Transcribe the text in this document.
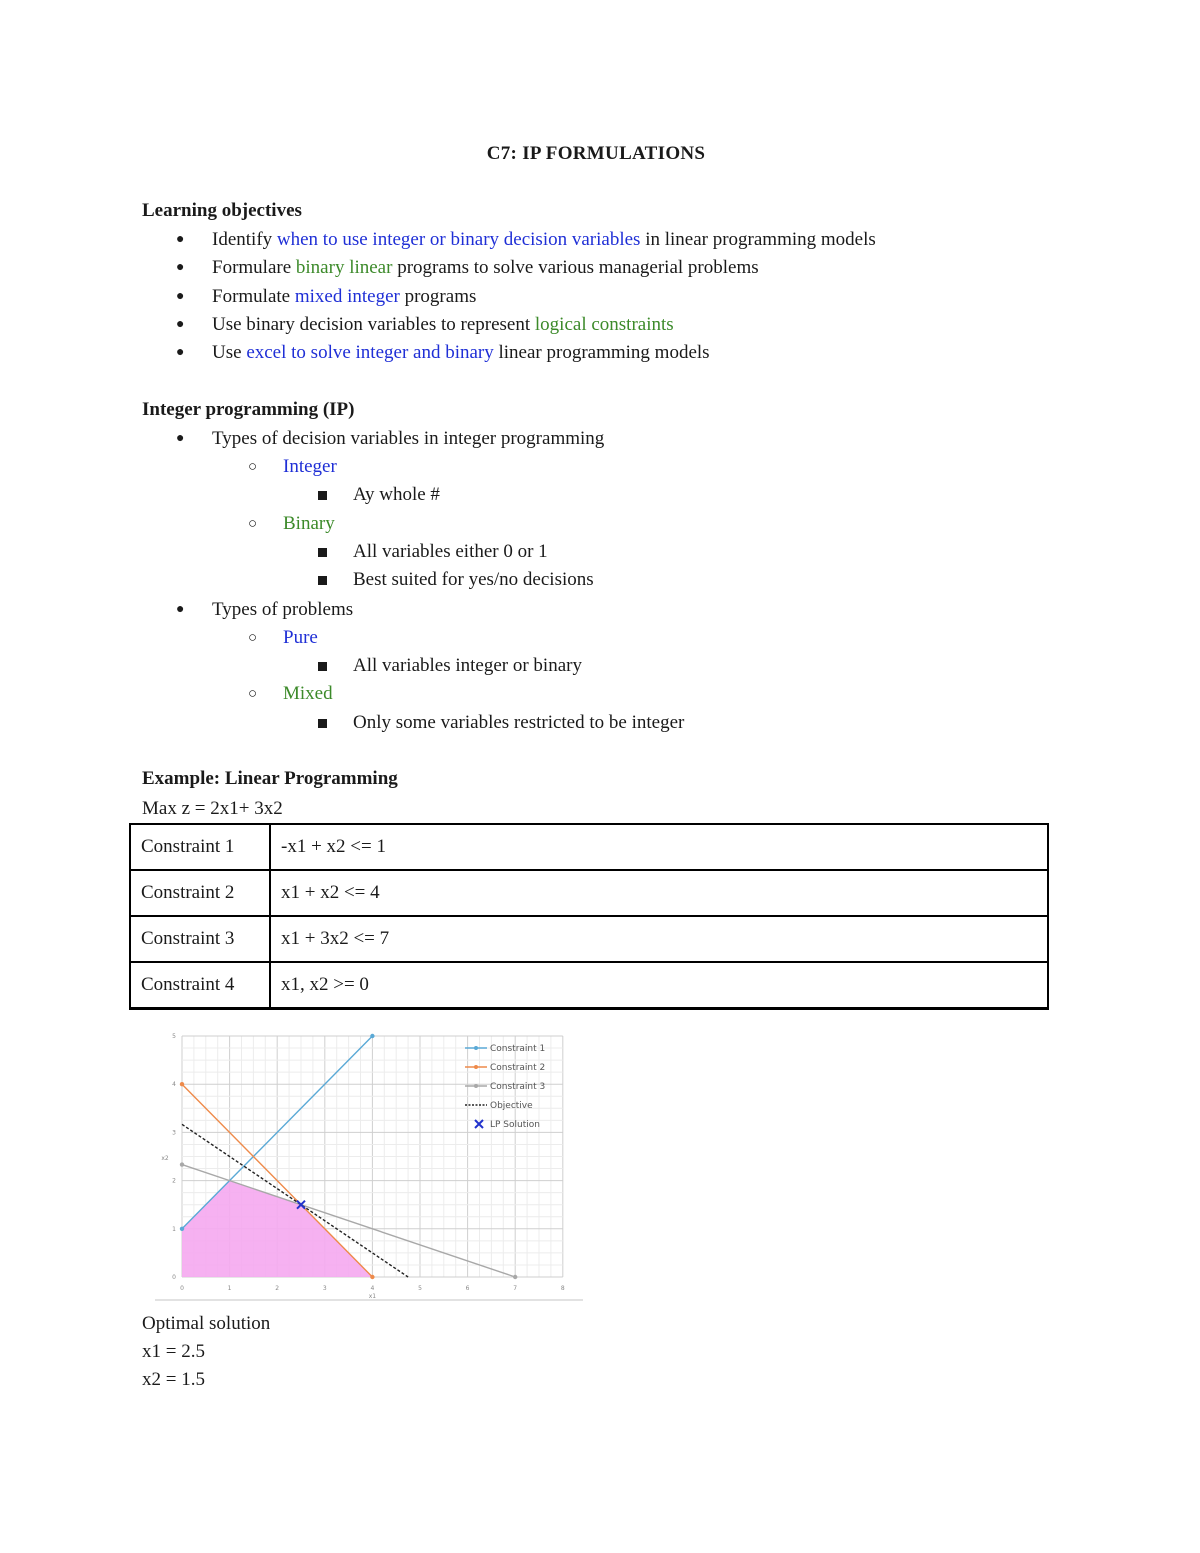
C7: IP FORMULATIONS
Learning objectives
● Identify when to use integer or binary decision variables in linear programming models
● Formulare binary linear programs to solve various managerial problems
● Formulate mixed integer programs
● Use binary decision variables to represent logical constraints
● Use excel to solve integer and binary linear programming models
Integer programming (IP)
● Types of decision variables in integer programming
○ Integer
Ay whole #
○ Binary
All variables either 0 or 1
Best suited for yes/no decisions
● Types of problems
○ Pure
All variables integer or binary
○ Mixed
Only some variables restricted to be integer
Example: Linear Programming
Max z = 2x1+ 3x2
Constraint 1	-x1 + x2 <= 1
Constraint 2	x1 + x2 <= 4
Constraint 3	x1 + 3x2 <= 7
Constraint 4	x1, x2 >= 0
0	1	2	3	4	5	6	7	8
0
1
2
3
4
5
x1
x2
Constraint 1
Constraint 2
Constraint 3
Objective
LP Solution
Optimal solution
x1 = 2.5
x2 = 1.5
